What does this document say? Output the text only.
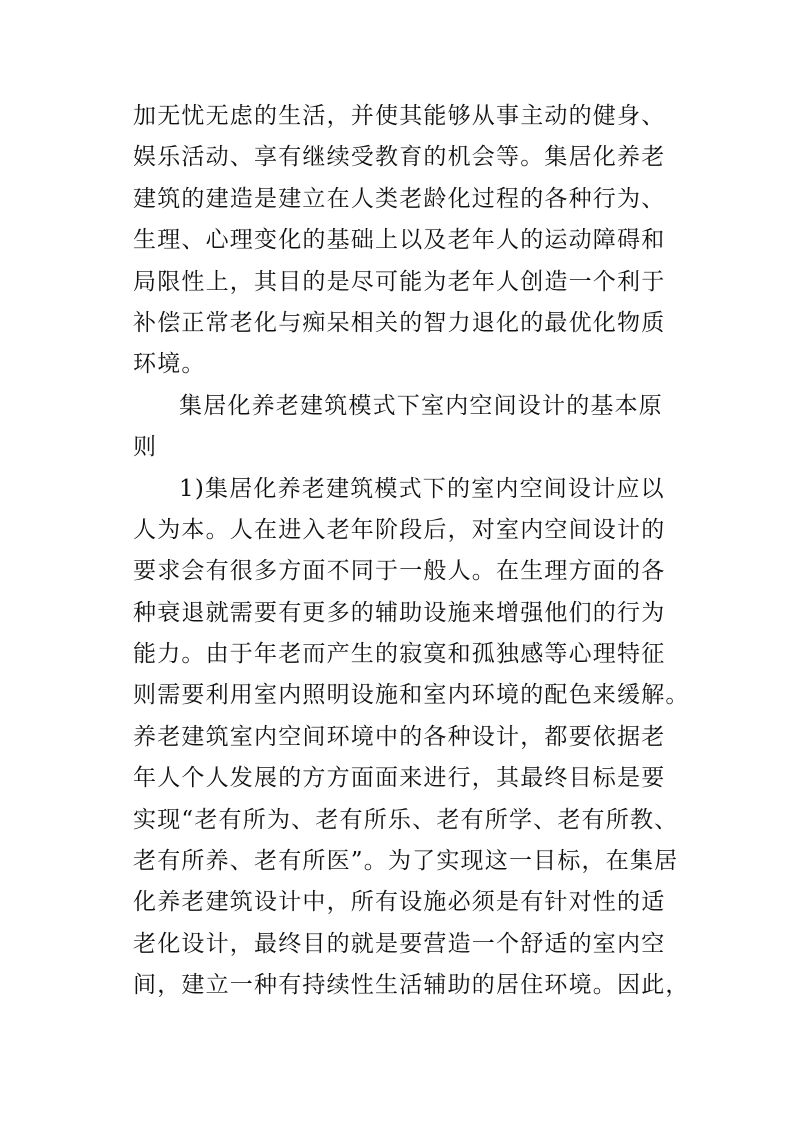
加无忧无虑的生活，并使其能够从事主动的健身、
娱乐活动、享有继续受教育的机会等。集居化养老
建筑的建造是建立在人类老龄化过程的各种行为、
生理、心理变化的基础上以及老年人的运动障碍和
局限性上，其目的是尽可能为老年人创造一个利于
补偿正常老化与痴呆相关的智力退化的最优化物质
环境。
集居化养老建筑模式下室内空间设计的基本原
则
1)集居化养老建筑模式下的室内空间设计应以
人为本。人在进入老年阶段后，对室内空间设计的
要求会有很多方面不同于一般人。在生理方面的各
种衰退就需要有更多的辅助设施来增强他们的行为
能力。由于年老而产生的寂寞和孤独感等心理特征
则需要利用室内照明设施和室内环境的配色来缓解。
养老建筑室内空间环境中的各种设计，都要依据老
年人个人发展的方方面面来进行，其最终目标是要
实现“老有所为、老有所乐、老有所学、老有所教、
老有所养、老有所医”。为了实现这一目标，在集居
化养老建筑设计中，所有设施必须是有针对性的适
老化设计，最终目的就是要营造一个舒适的室内空
间，建立一种有持续性生活辅助的居住环境。因此，
